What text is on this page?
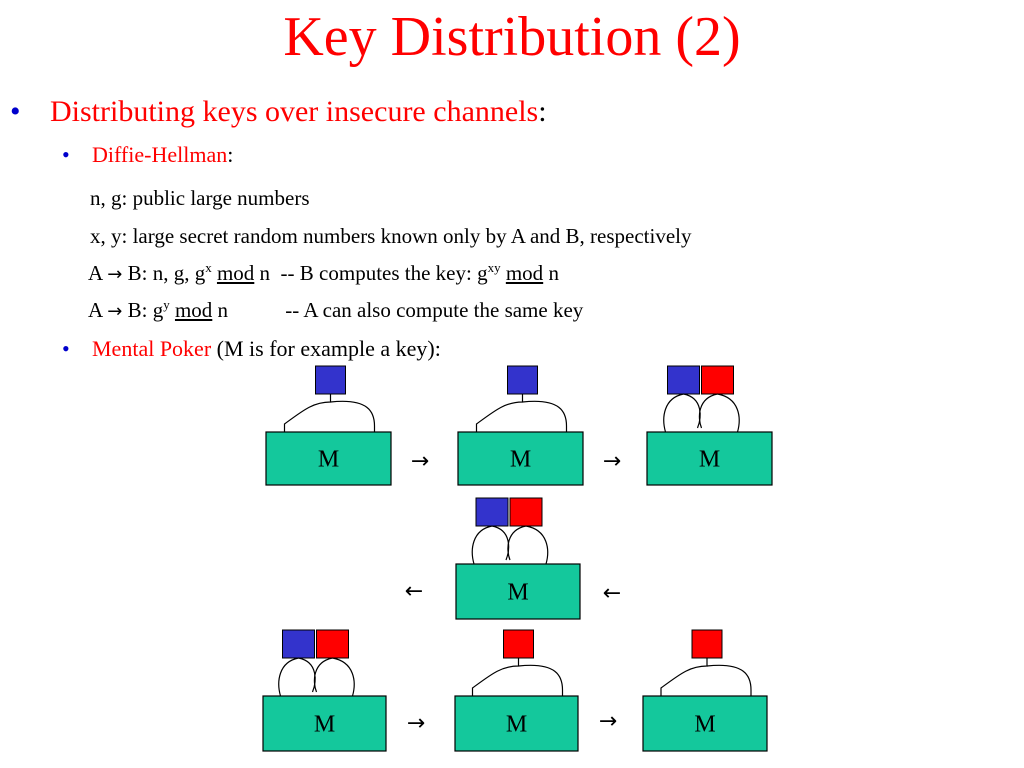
Key Distribution (2)
• Distributing keys over insecure channels:
• Diffie-Hellman:
n, g: public large numbers
x, y: large secret random numbers known only by A and B, respectively
A → B: n, g, $g^x$ mod n -- B computes the key: $g^{xy}$ mod n
A → B: $g^y$ mod n	-- A can also compute the same key
• Mental Poker (M is for example a key):
M	M	M
M
M	M	M
→	→
←	←
→	→
